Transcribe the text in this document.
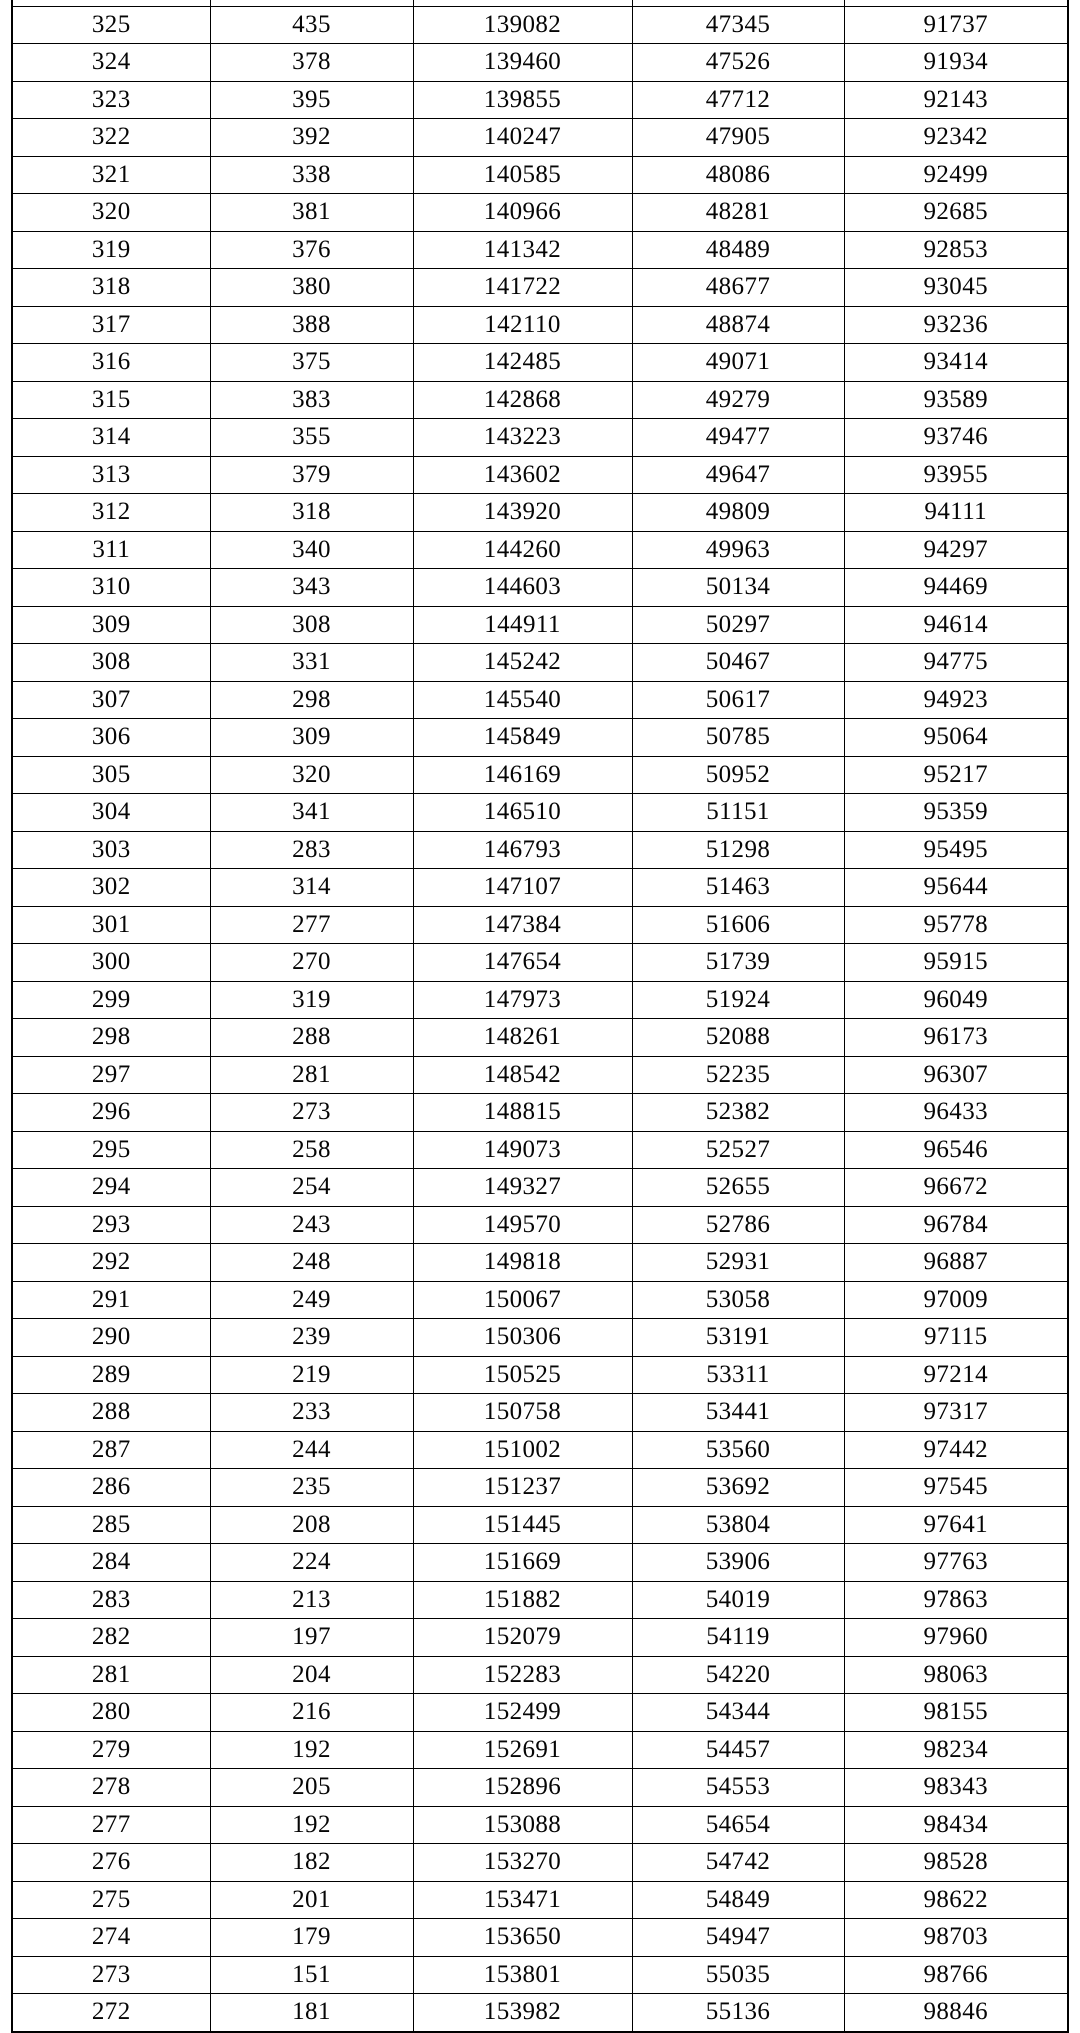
325	435	139082	47345	91737
324	378	139460	47526	91934
323	395	139855	47712	92143
322	392	140247	47905	92342
321	338	140585	48086	92499
320	381	140966	48281	92685
319	376	141342	48489	92853
318	380	141722	48677	93045
317	388	142110	48874	93236
316	375	142485	49071	93414
315	383	142868	49279	93589
314	355	143223	49477	93746
313	379	143602	49647	93955
312	318	143920	49809	94111
311	340	144260	49963	94297
310	343	144603	50134	94469
309	308	144911	50297	94614
308	331	145242	50467	94775
307	298	145540	50617	94923
306	309	145849	50785	95064
305	320	146169	50952	95217
304	341	146510	51151	95359
303	283	146793	51298	95495
302	314	147107	51463	95644
301	277	147384	51606	95778
300	270	147654	51739	95915
299	319	147973	51924	96049
298	288	148261	52088	96173
297	281	148542	52235	96307
296	273	148815	52382	96433
295	258	149073	52527	96546
294	254	149327	52655	96672
293	243	149570	52786	96784
292	248	149818	52931	96887
291	249	150067	53058	97009
290	239	150306	53191	97115
289	219	150525	53311	97214
288	233	150758	53441	97317
287	244	151002	53560	97442
286	235	151237	53692	97545
285	208	151445	53804	97641
284	224	151669	53906	97763
283	213	151882	54019	97863
282	197	152079	54119	97960
281	204	152283	54220	98063
280	216	152499	54344	98155
279	192	152691	54457	98234
278	205	152896	54553	98343
277	192	153088	54654	98434
276	182	153270	54742	98528
275	201	153471	54849	98622
274	179	153650	54947	98703
273	151	153801	55035	98766
272	181	153982	55136	98846
